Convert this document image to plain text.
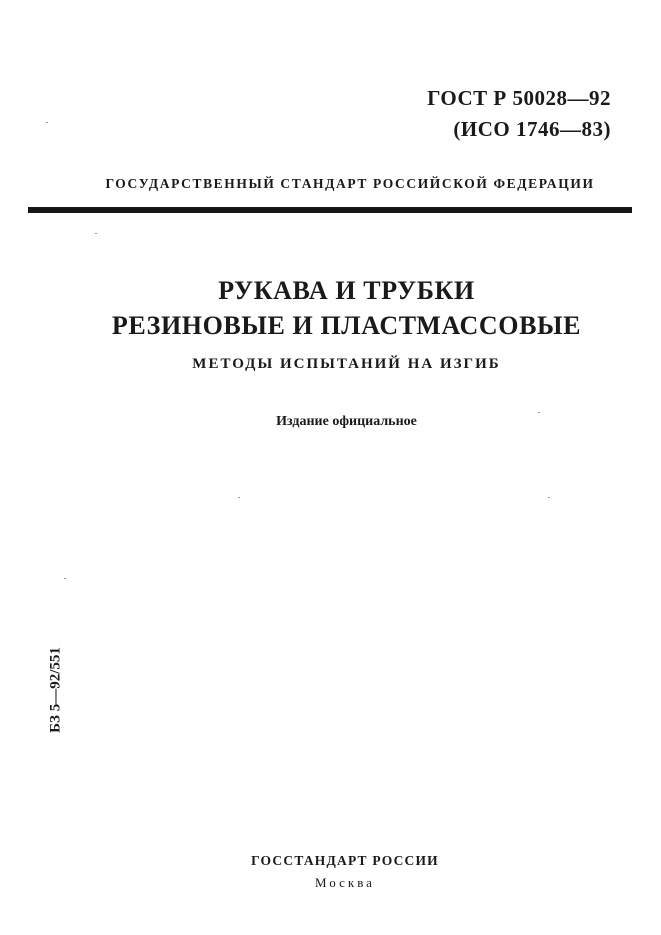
ГОСТ Р 50028—92
(ИСО 1746—83)
ГОСУДАРСТВЕННЫЙ СТАНДАРТ РОССИЙСКОЙ ФЕДЕРАЦИИ
РУКАВА И ТРУБКИ
РЕЗИНОВЫЕ И ПЛАСТМАССОВЫЕ
МЕТОДЫ ИСПЫТАНИЙ НА ИЗГИБ
Издание официальное
БЗ 5—92/551
ГОССТАНДАРТ РОССИИ
Москва
